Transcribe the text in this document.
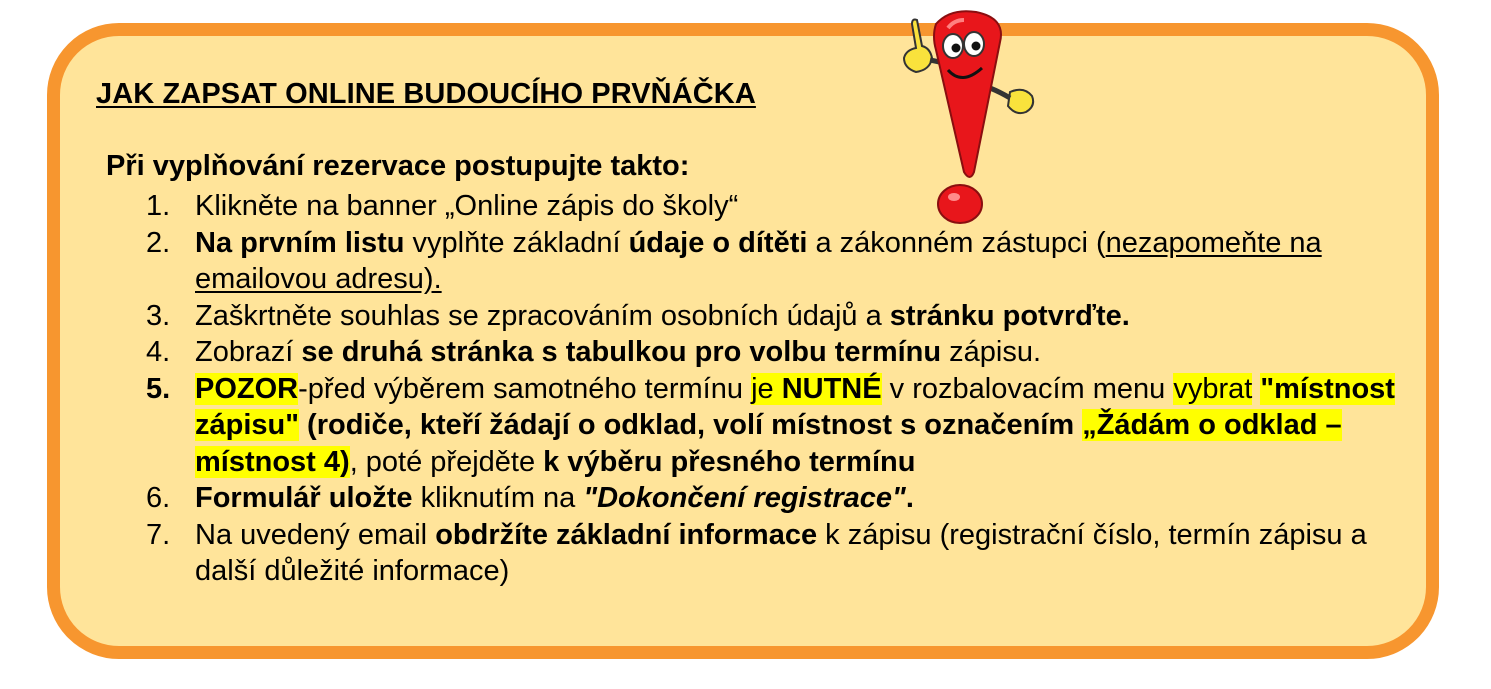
JAK ZAPSAT ONLINE BUDOUCÍHO PRVŇÁČKA
Při vyplňování rezervace postupujte takto:
1. Klikněte na banner „Online zápis do školy“
2. Na prvním listu vyplňte základní údaje o dítěti a zákonném zástupci (nezapomeňte na emailovou adresu).
3. Zaškrtněte souhlas se zpracováním osobních údajů a stránku potvrďte.
4. Zobrazí se druhá stránka s tabulkou pro volbu termínu zápisu.
5. POZOR-před výběrem samotného termínu je NUTNÉ v rozbalovacím menu vybrat "místnost zápisu" (rodiče, kteří žádají o odklad, volí místnost s označením „Žádám o odklad – místnost 4), poté přejděte k výběru přesného termínu
6. Formulář uložte kliknutím na "Dokončení registrace".
7. Na uvedený email obdržíte základní informace k zápisu (registrační číslo, termín zápisu a další důležité informace)
